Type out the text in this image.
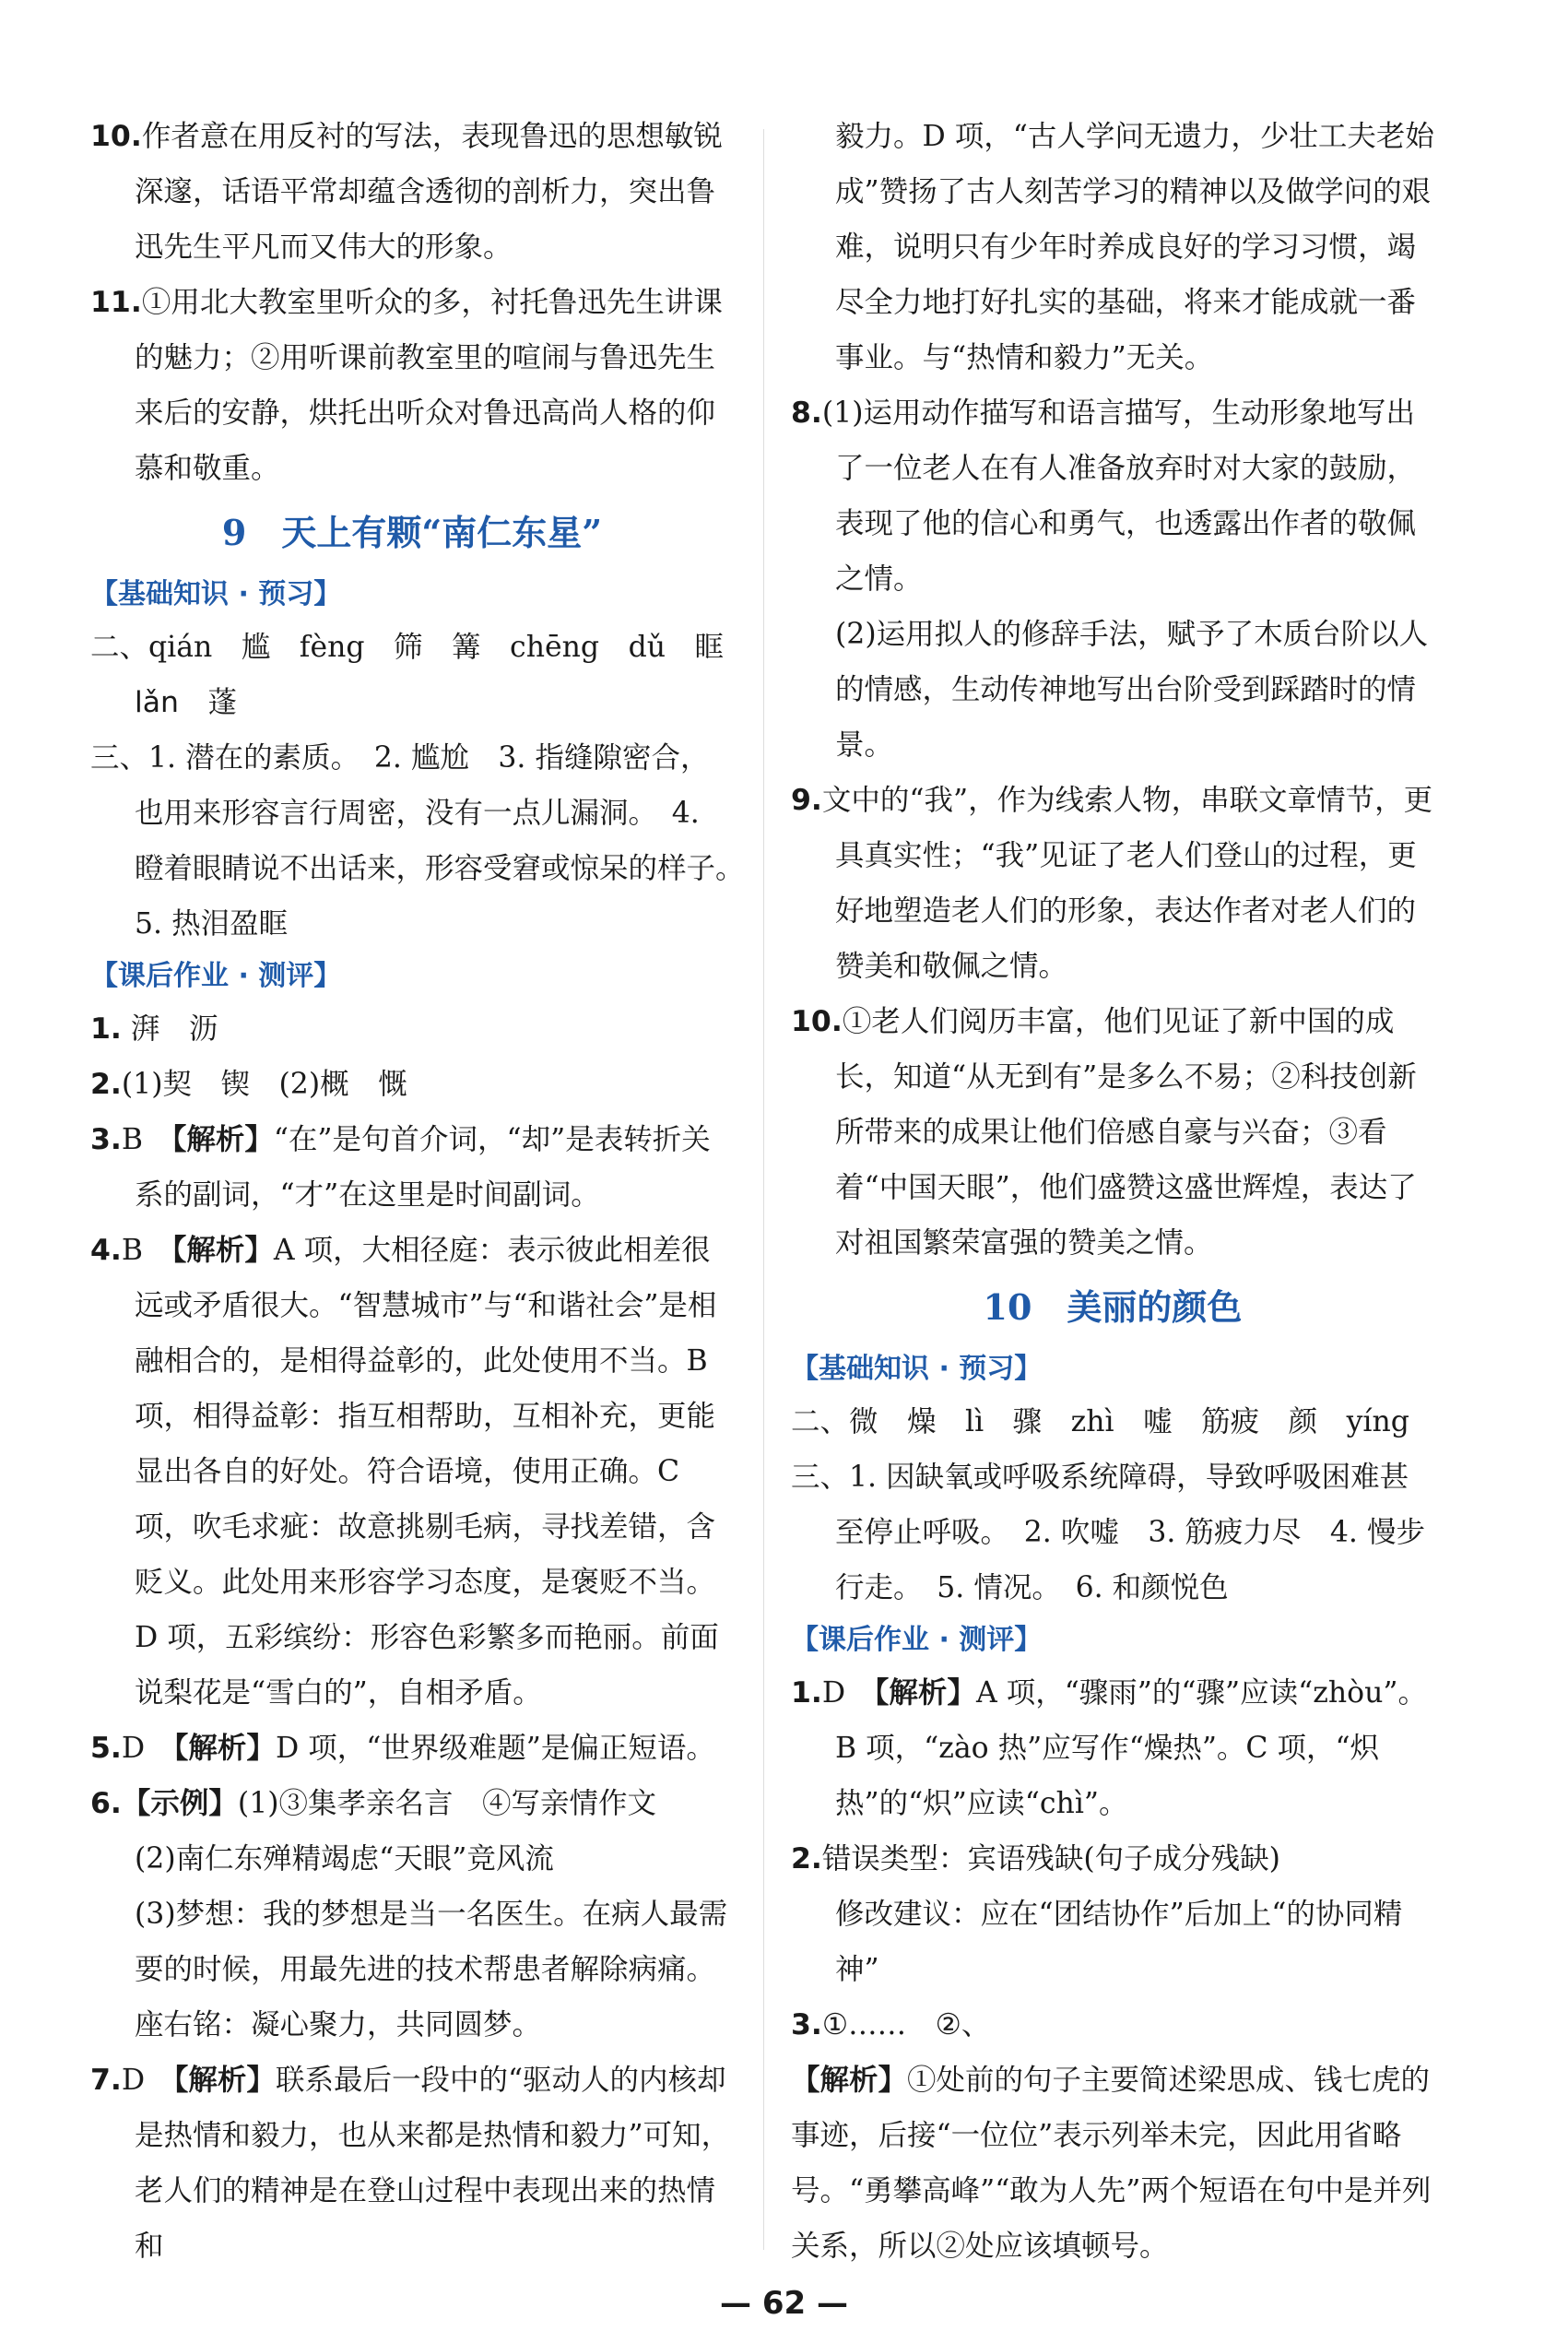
10.作者意在用反衬的写法，表现鲁迅的思想敏锐深邃，话语平常却蕴含透彻的剖析力，突出鲁迅先生平凡而又伟大的形象。

11.①用北大教室里听众的多，衬托鲁迅先生讲课的魅力；②用听课前教室里的喧闹与鲁迅先生来后的安静，烘托出听众对鲁迅高尚人格的仰慕和敬重。

9　天上有颗“南仁东星”

【基础知识 · 预习】

二、qián　尴　fèng　筛　篝　chēng　dǔ　眶

lǎn　蓬

三、1. 潜在的素质。　2. 尴尬　3. 指缝隙密合，也用来形容言行周密，没有一点儿漏洞。　4. 瞪着眼睛说不出话来，形容受窘或惊呆的样子。　5. 热泪盈眶

【课后作业 · 测评】

1. 湃　沥

2.(1)契　锲　(2)概　慨

3.B　 【解析】“在”是句首介词，“却”是表转折关系的副词，“才”在这里是时间副词。

4.B　 【解析】A 项，大相径庭：表示彼此相差很远或矛盾很大。“智慧城市”与“和谐社会”是相融相合的，是相得益彰的，此处使用不当。B 项，相得益彰：指互相帮助，互相补充，更能显出各自的好处。符合语境，使用正确。C 项，吹毛求疵：故意挑剔毛病，寻找差错，含贬义。此处用来形容学习态度，是褒贬不当。D 项，五彩缤纷：形容色彩繁多而艳丽。前面说梨花是“雪白的”，自相矛盾。

5.D　 【解析】D 项，“世界级难题”是偏正短语。

6.【示例】(1)③集孝亲名言　④写亲情作文

(2)南仁东殚精竭虑“天眼”竞风流

(3)梦想：我的梦想是当一名医生。在病人最需要的时候，用最先进的技术帮患者解除病痛。

座右铭：凝心聚力，共同圆梦。

7.D　 【解析】联系最后一段中的“驱动人的内核却是热情和毅力，也从来都是热情和毅力”可知，老人们的精神是在登山过程中表现出来的热情和

毅力。D 项，“古人学问无遗力，少壮工夫老始成”赞扬了古人刻苦学习的精神以及做学问的艰难，说明只有少年时养成良好的学习习惯，竭尽全力地打好扎实的基础，将来才能成就一番事业。与“热情和毅力”无关。

8.(1)运用动作描写和语言描写，生动形象地写出了一位老人在有人准备放弃时对大家的鼓励，表现了他的信心和勇气，也透露出作者的敬佩之情。

(2)运用拟人的修辞手法，赋予了木质台阶以人的情感，生动传神地写出台阶受到踩踏时的情景。

9.文中的“我”，作为线索人物，串联文章情节，更具真实性；“我”见证了老人们登山的过程，更好地塑造老人们的形象，表达作者对老人们的赞美和敬佩之情。

10.①老人们阅历丰富，他们见证了新中国的成长，知道“从无到有”是多么不易；②科技创新所带来的成果让他们倍感自豪与兴奋；③看着“中国天眼”，他们盛赞这盛世辉煌，表达了对祖国繁荣富强的赞美之情。

10　美丽的颜色

【基础知识 · 预习】

二、微　燥　lì　骤　zhì　嘘　筋疲　颜　yíng

三、1. 因缺氧或呼吸系统障碍，导致呼吸困难甚至停止呼吸。　2. 吹嘘　3. 筋疲力尽　4. 慢步行走。　5. 情况。　6. 和颜悦色

【课后作业 · 测评】

1.D　 【解析】A 项，“骤雨”的“骤”应读“zhòu”。B 项，“zào 热”应写作“燥热”。C 项，“炽热”的“炽”应读“chì”。

2.错误类型：宾语残缺(句子成分残缺)

修改建议：应在“团结协作”后加上“的协同精神”

3.①……　②、

【解析】①处前的句子主要简述梁思成、钱七虎的事迹，后接“一位位”表示列举未完，因此用省略号。“勇攀高峰”“敢为人先”两个短语在句中是并列关系，所以②处应该填顿号。

— 62 —
